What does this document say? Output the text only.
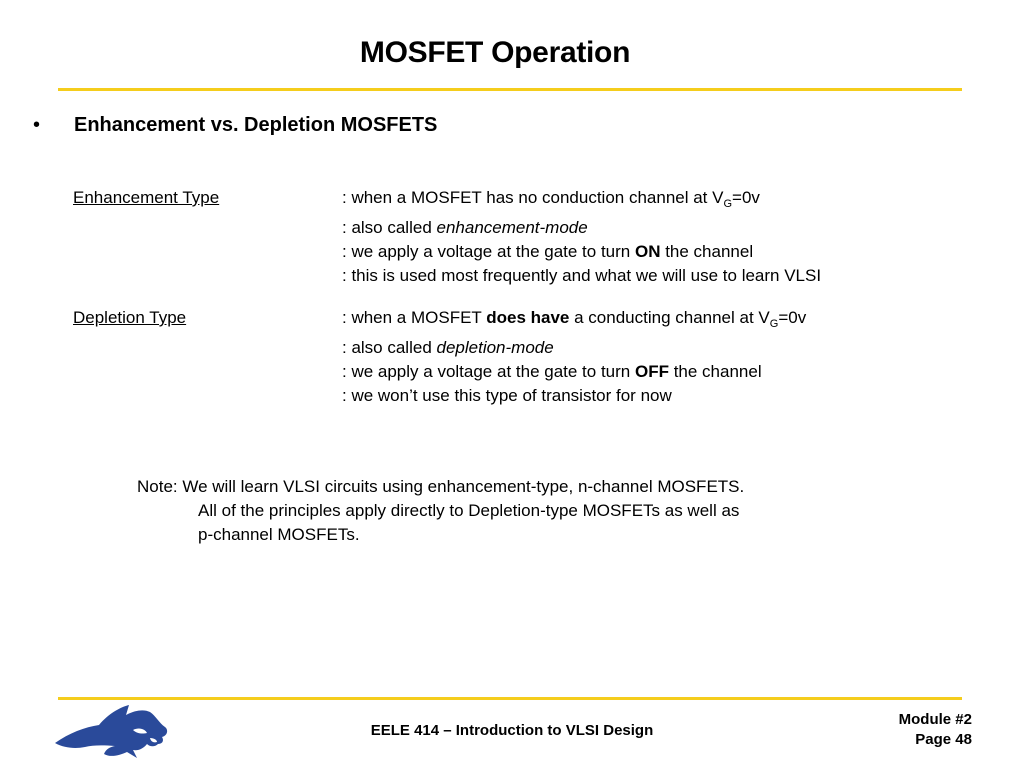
MOSFET Operation
• Enhancement vs. Depletion MOSFETS
Enhancement Type	: when a MOSFET has no conduction channel at $V_G=0v$
: also called enhancement-mode
: we apply a voltage at the gate to turn ON the channel
: this is used most frequently and what we will use to learn VLSI
Depletion Type	: when a MOSFET does have a conducting channel at $V_G=0v$
: also called depletion-mode
: we apply a voltage at the gate to turn OFF the channel
: we won’t use this type of transistor for now
Note: We will learn VLSI circuits using enhancement-type, n-channel MOSFETS.
All of the principles apply directly to Depletion-type MOSFETs as well as
p-channel MOSFETs.
EELE 414 – Introduction to VLSI Design
Module #2
Page 48
